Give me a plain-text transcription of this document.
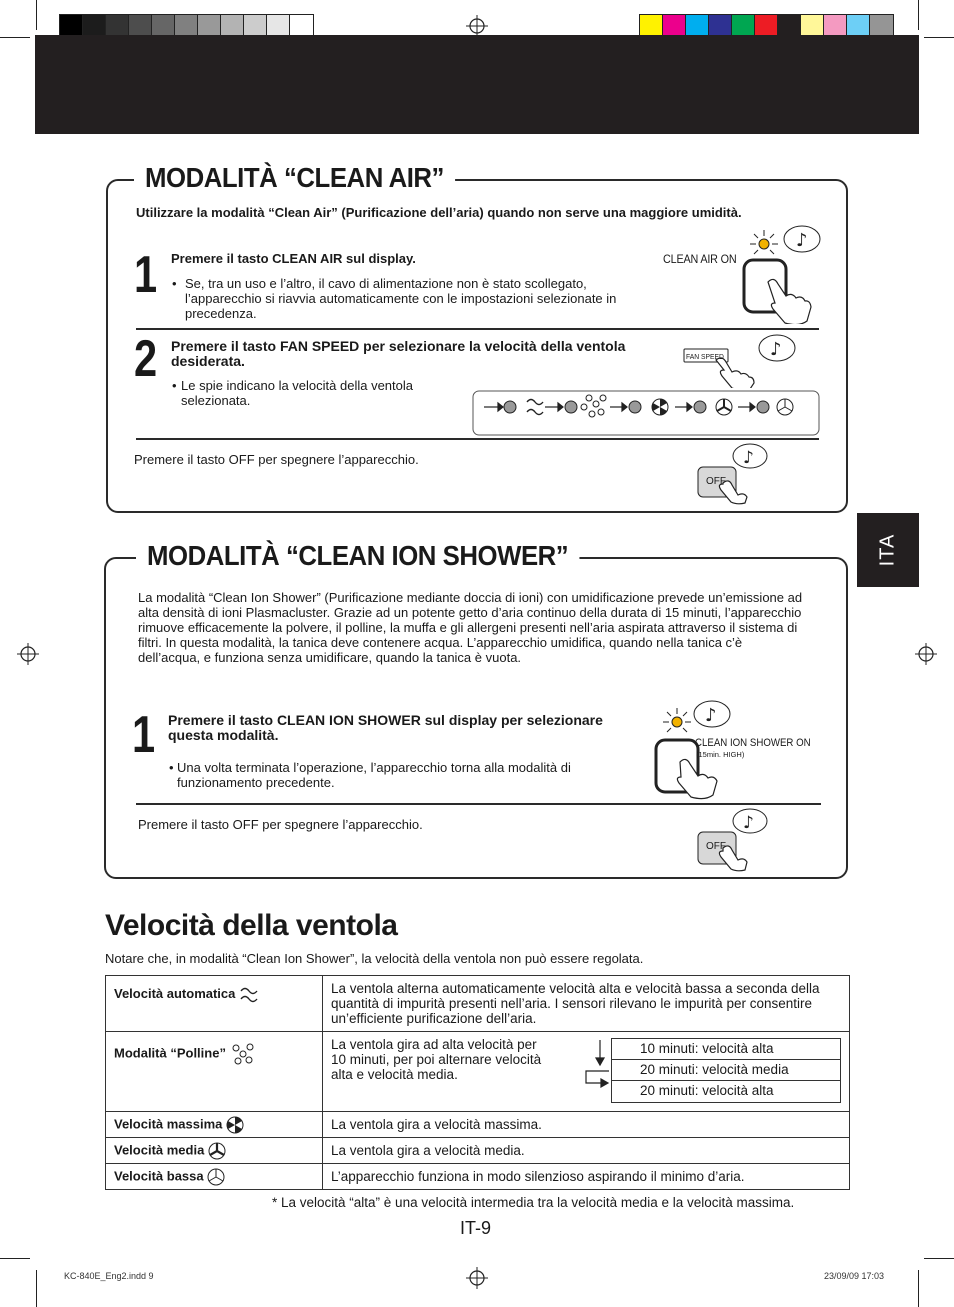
MODALITÀ “CLEAN AIR”
Utilizzare la modalità “Clean Air” (Purificazione dell’aria) quando non serve una maggiore umidità.
1 Premere il tasto CLEAN AIR sul display.
• Se, tra un uso e l’altro, il cavo di alimentazione non è stato scollegato, l’apparecchio si riavvia automaticamente con le impostazioni selezionate in precedenza.
♪
CLEAN AIR ON
2 Premere il tasto FAN SPEED per selezionare la velocità della ventola desiderata.
• Le spie indicano la velocità della ventola selezionata.
♪
FAN SPEED
Premere il tasto OFF per spegnere l’apparecchio.	♪
OFF
ITA
MODALITÀ “CLEAN ION SHOWER”
La modalità “Clean Ion Shower” (Purificazione mediante doccia di ioni) con umidificazione prevede un’emissione ad alta densità di ioni Plasmacluster. Grazie ad un potente getto d’aria continuo della durata di 15 minuti, l’apparecchio rimuove efficacemente la polvere, il polline, la muffa e gli allergeni presenti nell’aria aspirata attraverso il sistema di filtri. In questa modalità, la tanica deve contenere acqua. L’apparecchio umidifica, quando nella tanica c’è dell’acqua, e funziona senza umidificare, quando la tanica è vuota.
1 Premere il tasto CLEAN ION SHOWER sul display per selezionare questa modalità.
• Una volta terminata l’operazione, l’apparecchio torna alla modalità di funzionamento precedente.
♪
CLEAN ION SHOWER ON
(15min. HIGH)
Premere il tasto OFF per spegnere l’apparecchio.	♪
OFF
Velocità della ventola
Notare che, in modalità “Clean Ion Shower”, la velocità della ventola non può essere regolata.
Velocità automatica	La ventola alterna automaticamente velocità alta e velocità bassa a seconda della quantità di impurità presenti nell’aria. I sensori rilevano le impurità per consentire un’efficiente purificazione dell’aria.
Modalità “Polline”	La ventola gira ad alta velocità per 10 minuti, per poi alternare velocità alta e velocità media.

Velocità massima	La ventola gira a velocità massima.
Velocità media	La ventola gira a velocità media.
Velocità bassa	L’apparecchio funziona in modo silenzioso aspirando il minimo d’aria.
10 minuti: velocità alta
20 minuti: velocità media
20 minuti: velocità alta
* La velocità “alta” è una velocità intermedia tra la velocità media e la velocità massima.
IT-9
KC-840E_Eng2.indd 9	23/09/09 17:03
